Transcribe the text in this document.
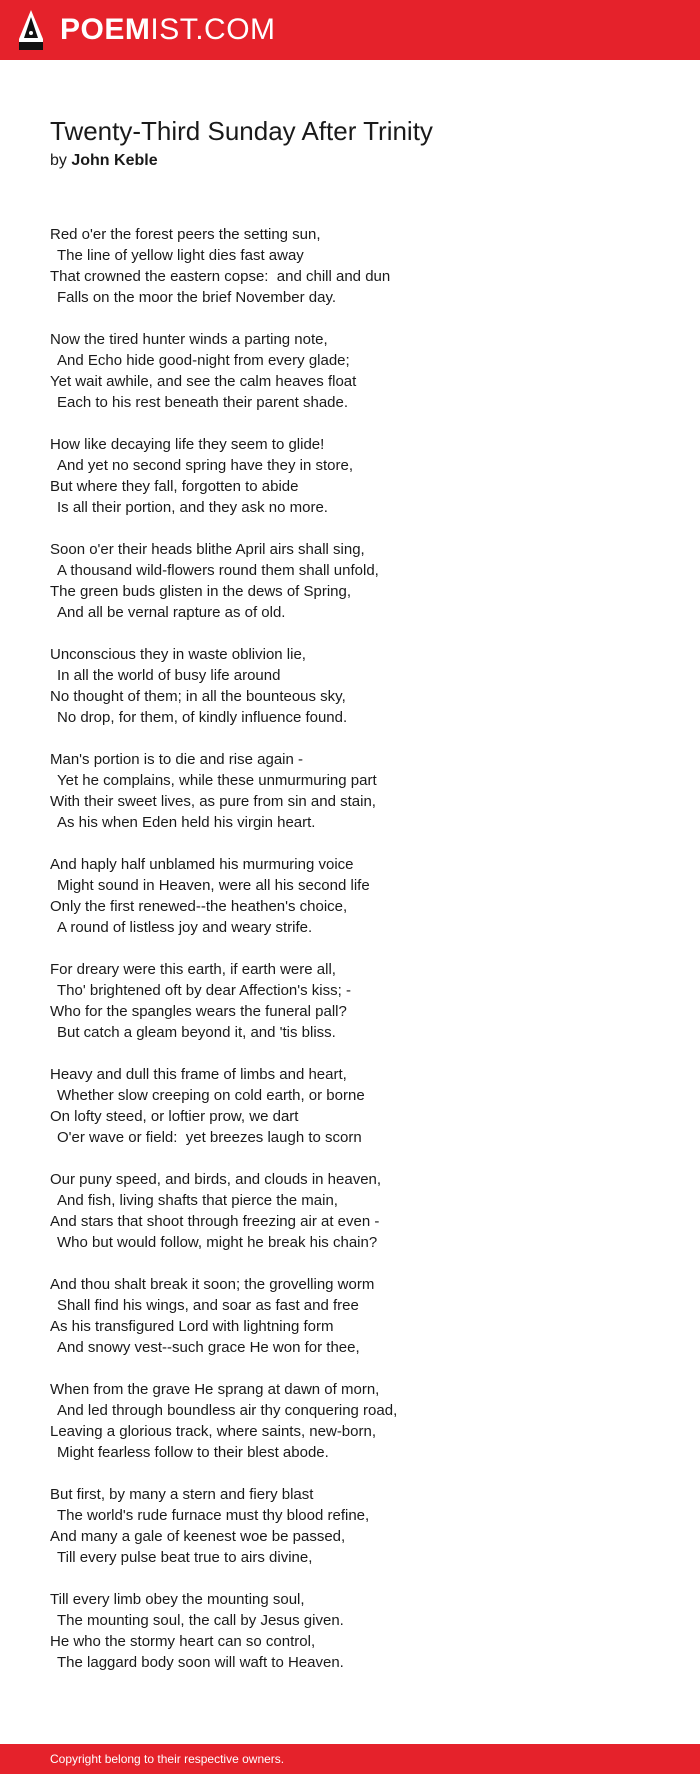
POEMIST.COM
Twenty-Third Sunday After Trinity
by John Keble
Red o'er the forest peers the setting sun,
The line of yellow light dies fast away
That crowned the eastern copse:  and chill and dun
Falls on the moor the brief November day.
Now the tired hunter winds a parting note,
And Echo hide good-night from every glade;
Yet wait awhile, and see the calm heaves float
Each to his rest beneath their parent shade.
How like decaying life they seem to glide!
And yet no second spring have they in store,
But where they fall, forgotten to abide
Is all their portion, and they ask no more.
Soon o'er their heads blithe April airs shall sing,
A thousand wild-flowers round them shall unfold,
The green buds glisten in the dews of Spring,
And all be vernal rapture as of old.
Unconscious they in waste oblivion lie,
In all the world of busy life around
No thought of them; in all the bounteous sky,
No drop, for them, of kindly influence found.
Man's portion is to die and rise again -
Yet he complains, while these unmurmuring part
With their sweet lives, as pure from sin and stain,
As his when Eden held his virgin heart.
And haply half unblamed his murmuring voice
Might sound in Heaven, were all his second life
Only the first renewed--the heathen's choice,
A round of listless joy and weary strife.
For dreary were this earth, if earth were all,
Tho' brightened oft by dear Affection's kiss; -
Who for the spangles wears the funeral pall?
But catch a gleam beyond it, and 'tis bliss.
Heavy and dull this frame of limbs and heart,
Whether slow creeping on cold earth, or borne
On lofty steed, or loftier prow, we dart
O'er wave or field:  yet breezes laugh to scorn
Our puny speed, and birds, and clouds in heaven,
And fish, living shafts that pierce the main,
And stars that shoot through freezing air at even -
Who but would follow, might he break his chain?
And thou shalt break it soon; the grovelling worm
Shall find his wings, and soar as fast and free
As his transfigured Lord with lightning form
And snowy vest--such grace He won for thee,
When from the grave He sprang at dawn of morn,
And led through boundless air thy conquering road,
Leaving a glorious track, where saints, new-born,
Might fearless follow to their blest abode.
But first, by many a stern and fiery blast
The world's rude furnace must thy blood refine,
And many a gale of keenest woe be passed,
Till every pulse beat true to airs divine,
Till every limb obey the mounting soul,
The mounting soul, the call by Jesus given.
He who the stormy heart can so control,
The laggard body soon will waft to Heaven.
Copyright belong to their respective owners.
